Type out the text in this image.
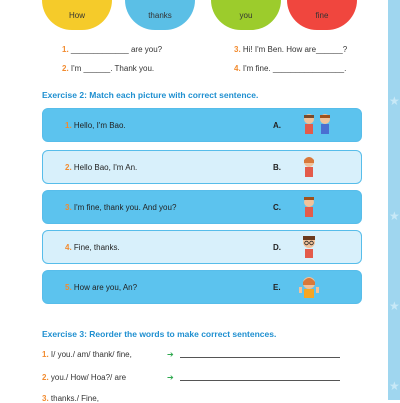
★
★
★
★
How	thanks	you	fine
1. _____________ are you?
2. I'm ______. Thank you.
3. Hi! I'm Ben. How are______?
4. I'm fine. ________________.
Exercise 2: Match each picture with correct sentence.
1. Hello, I'm Bao.	A.
2. Hello Bao, I'm An.	B.
3. I'm fine, thank you. And you?	C.
4. Fine, thanks.	D.
5. How are you, An?	E.
Exercise 3: Reorder the words to make correct sentences.
1. I/ you./ am/ thank/ fine,	➔
2. you./ How/ Hoa?/ are	➔
3. thanks./ Fine,
